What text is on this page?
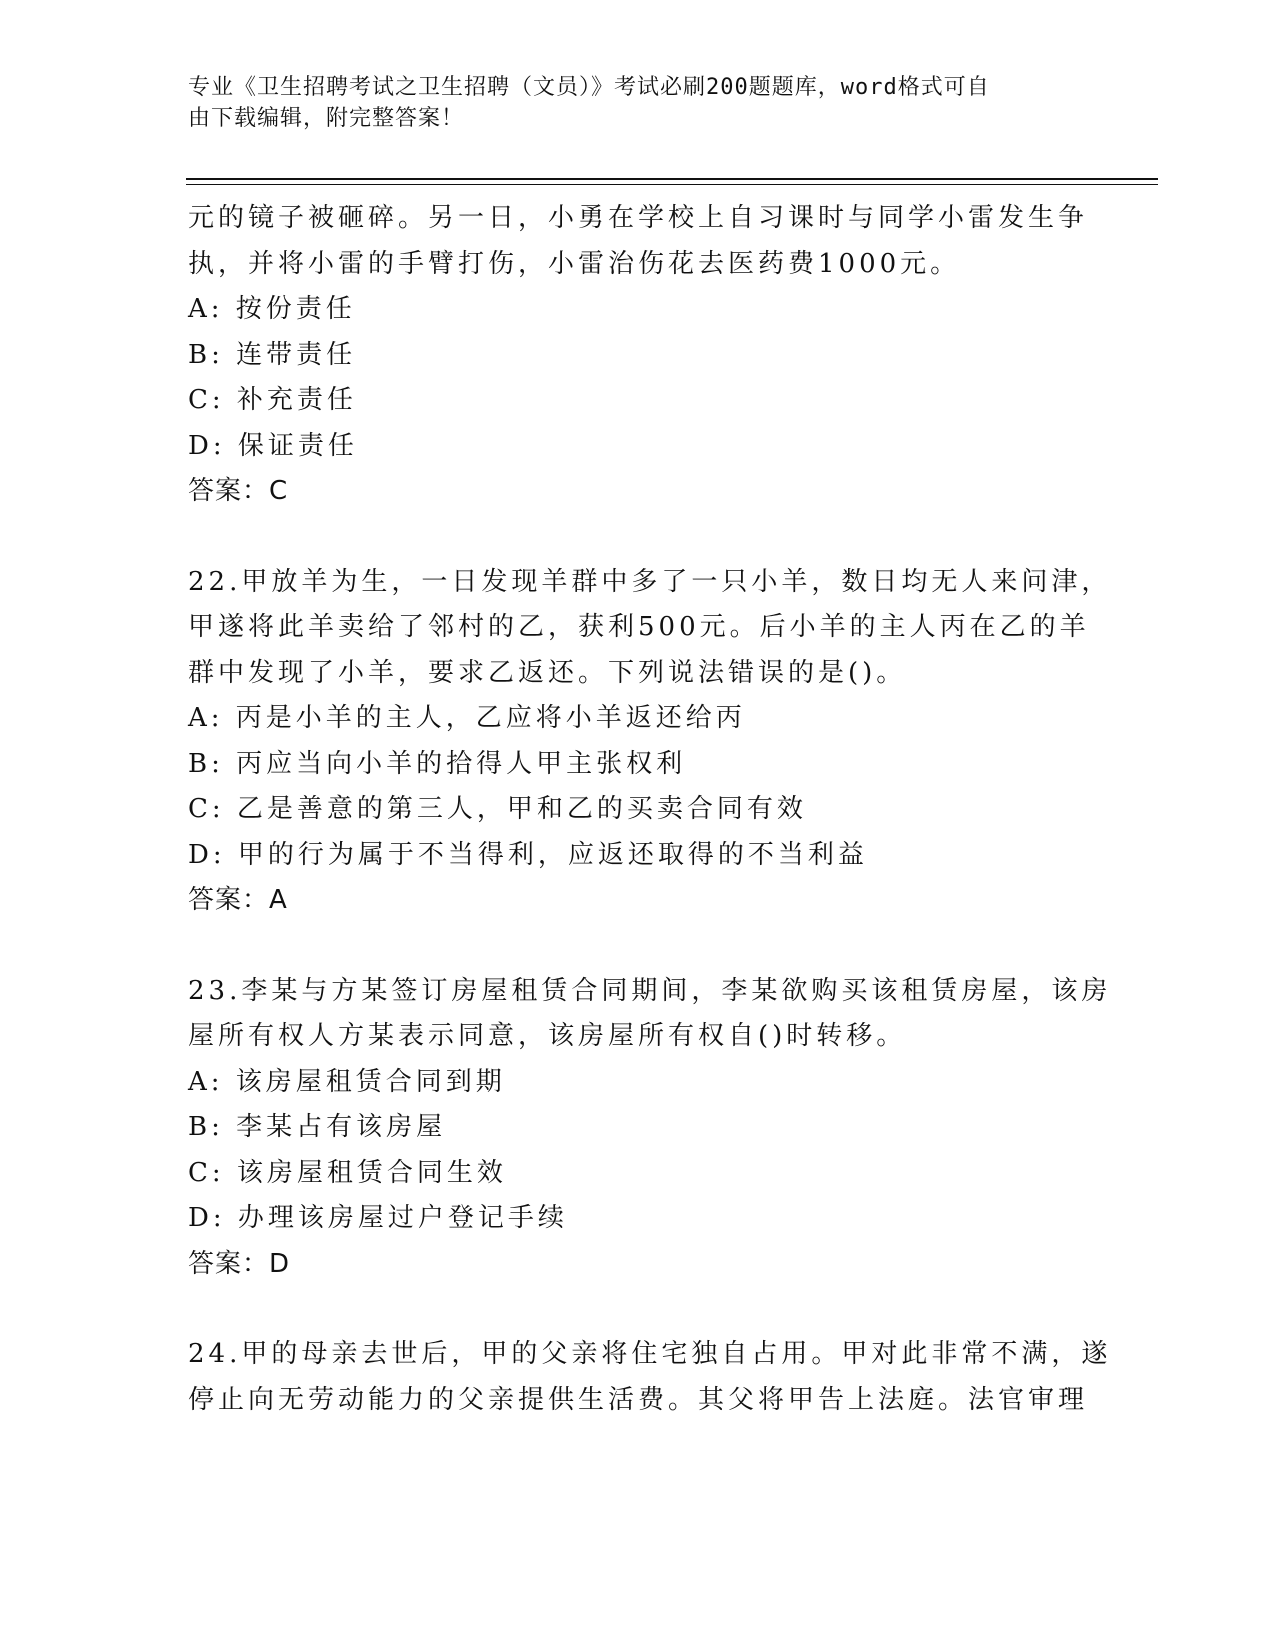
专业《卫生招聘考试之卫生招聘（文员）》考试必刷200题题库，word格式可自
由下载编辑，附完整答案！
元的镜子被砸碎。另一日，小勇在学校上自习课时与同学小雷发生争
执，并将小雷的手臂打伤，小雷治伤花去医药费1000元。
A: 按份责任
B: 连带责任
C: 补充责任
D: 保证责任
答案：C
22.甲放羊为生，一日发现羊群中多了一只小羊，数日均无人来问津，
甲遂将此羊卖给了邻村的乙，获利500元。后小羊的主人丙在乙的羊
群中发现了小羊，要求乙返还。下列说法错误的是()。
A: 丙是小羊的主人，乙应将小羊返还给丙
B: 丙应当向小羊的拾得人甲主张权利
C: 乙是善意的第三人，甲和乙的买卖合同有效
D: 甲的行为属于不当得利，应返还取得的不当利益
答案：A
23.李某与方某签订房屋租赁合同期间，李某欲购买该租赁房屋，该房
屋所有权人方某表示同意，该房屋所有权自()时转移。
A: 该房屋租赁合同到期
B: 李某占有该房屋
C: 该房屋租赁合同生效
D: 办理该房屋过户登记手续
答案：D
24.甲的母亲去世后，甲的父亲将住宅独自占用。甲对此非常不满，遂
停止向无劳动能力的父亲提供生活费。其父将甲告上法庭。法官审理
